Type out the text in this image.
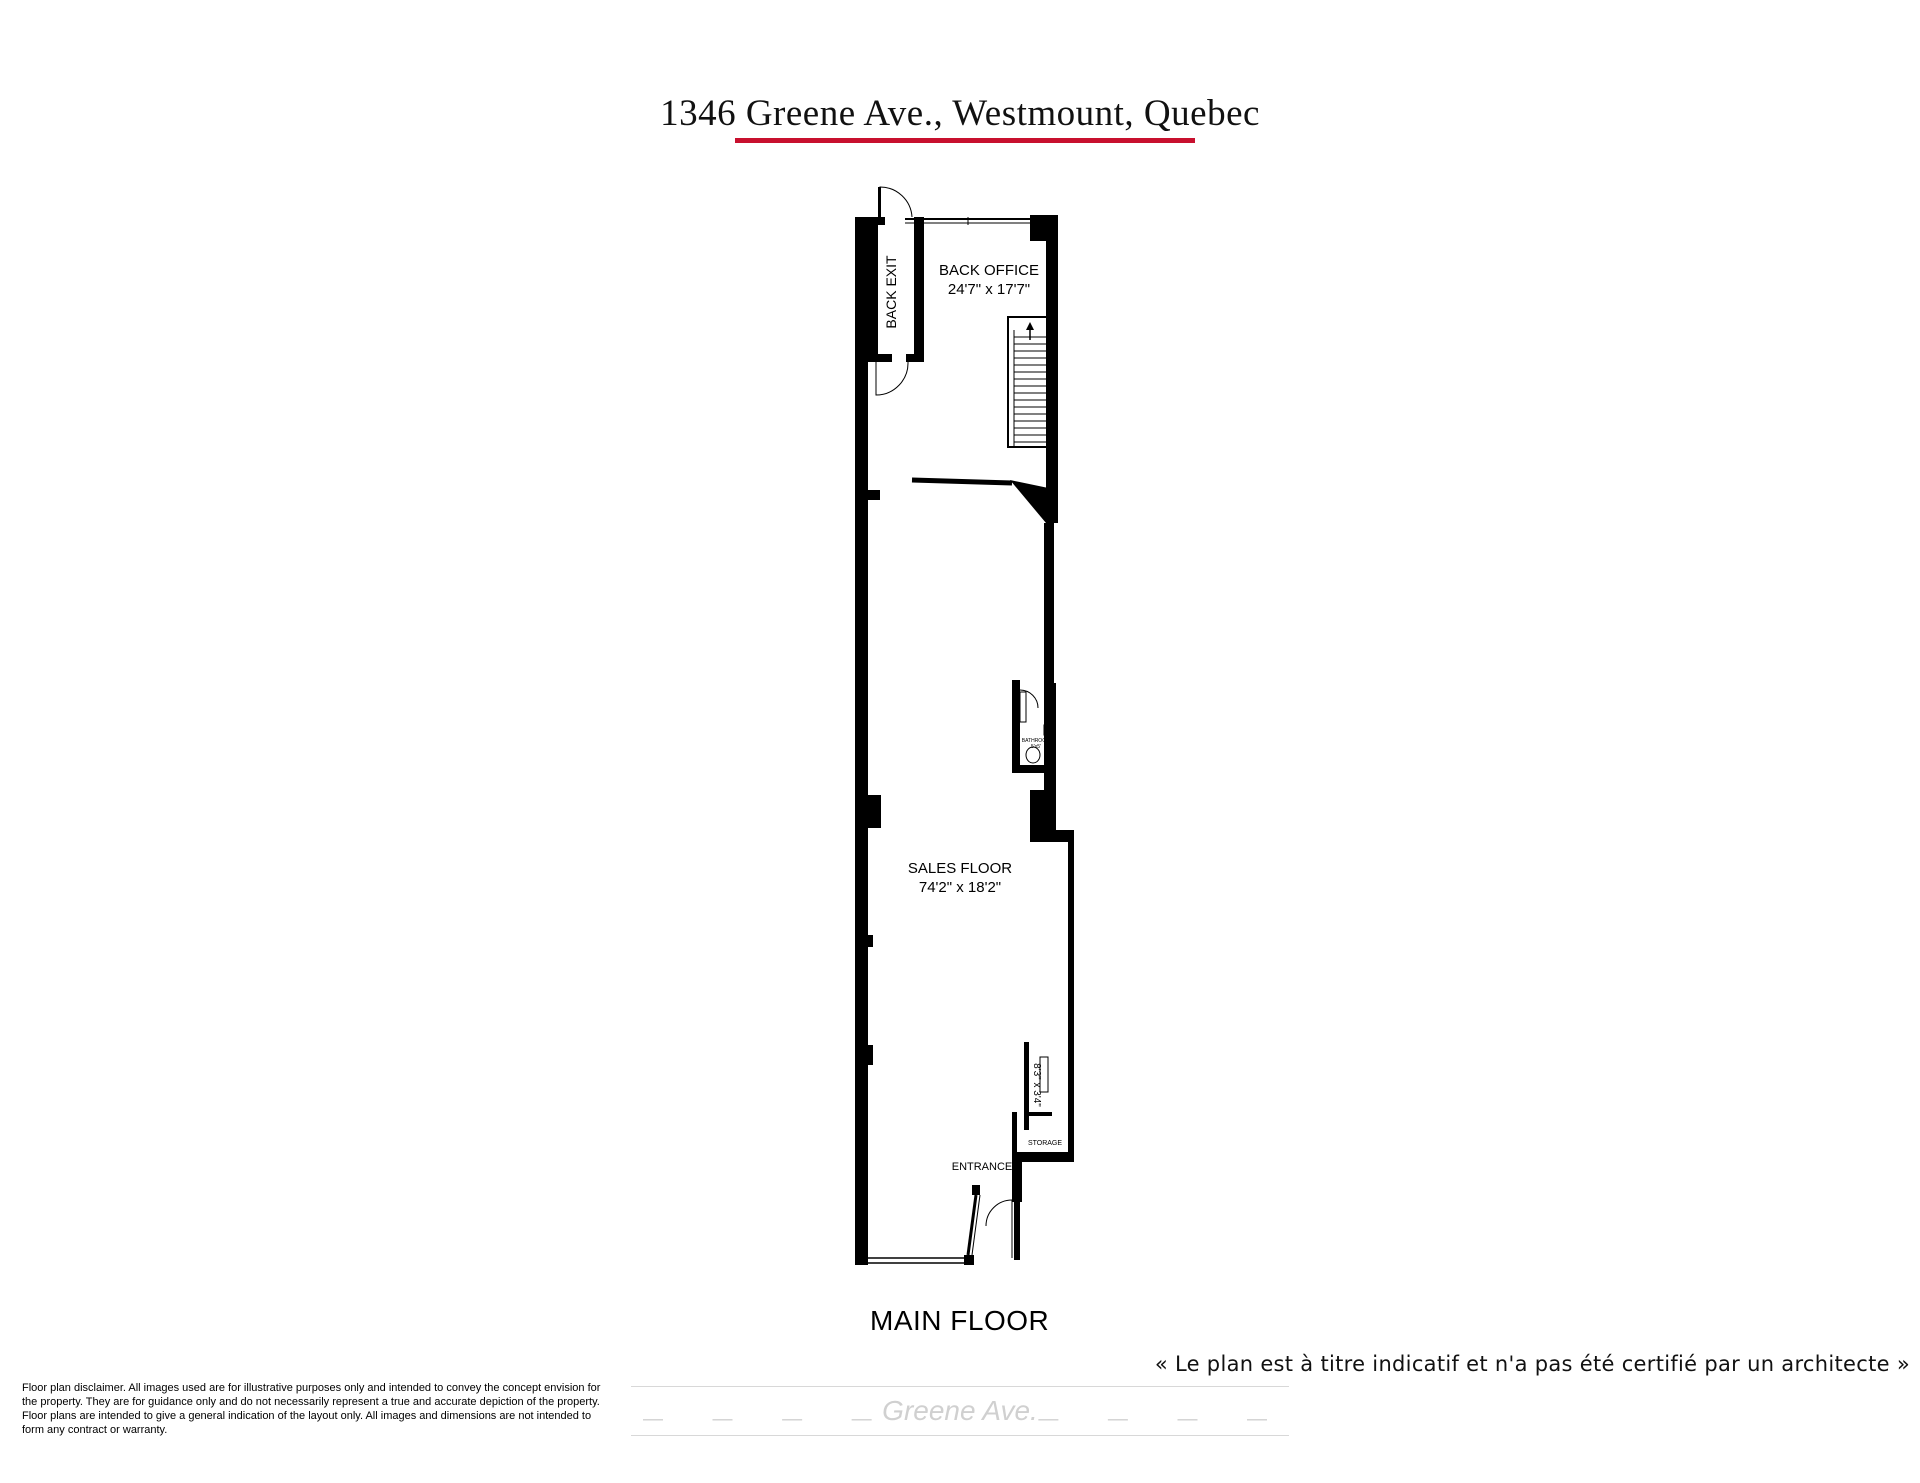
1346 Greene Ave., Westmount, Quebec
BACK OFFICE
24'7" x 17'7"
SALES FLOOR
74'2" x 18'2"
BACK EXIT
ENTRANCE
STORAGE
BATHROOM
5'x5'
8'3" x 3'4"
MAIN FLOOR
Floor plan disclaimer. All images used are for illustrative purposes only and intended to convey the concept envision for the property. They are for guidance only and do not necessarily represent a true and accurate depiction of the property. Floor plans are intended to give a general indication of the layout only. All images and dimensions are not intended to form any contract or warranty.
« Le plan est à titre indicatif et n'a pas été certifié par un architecte »
— — — —
Greene Ave. — — — —
